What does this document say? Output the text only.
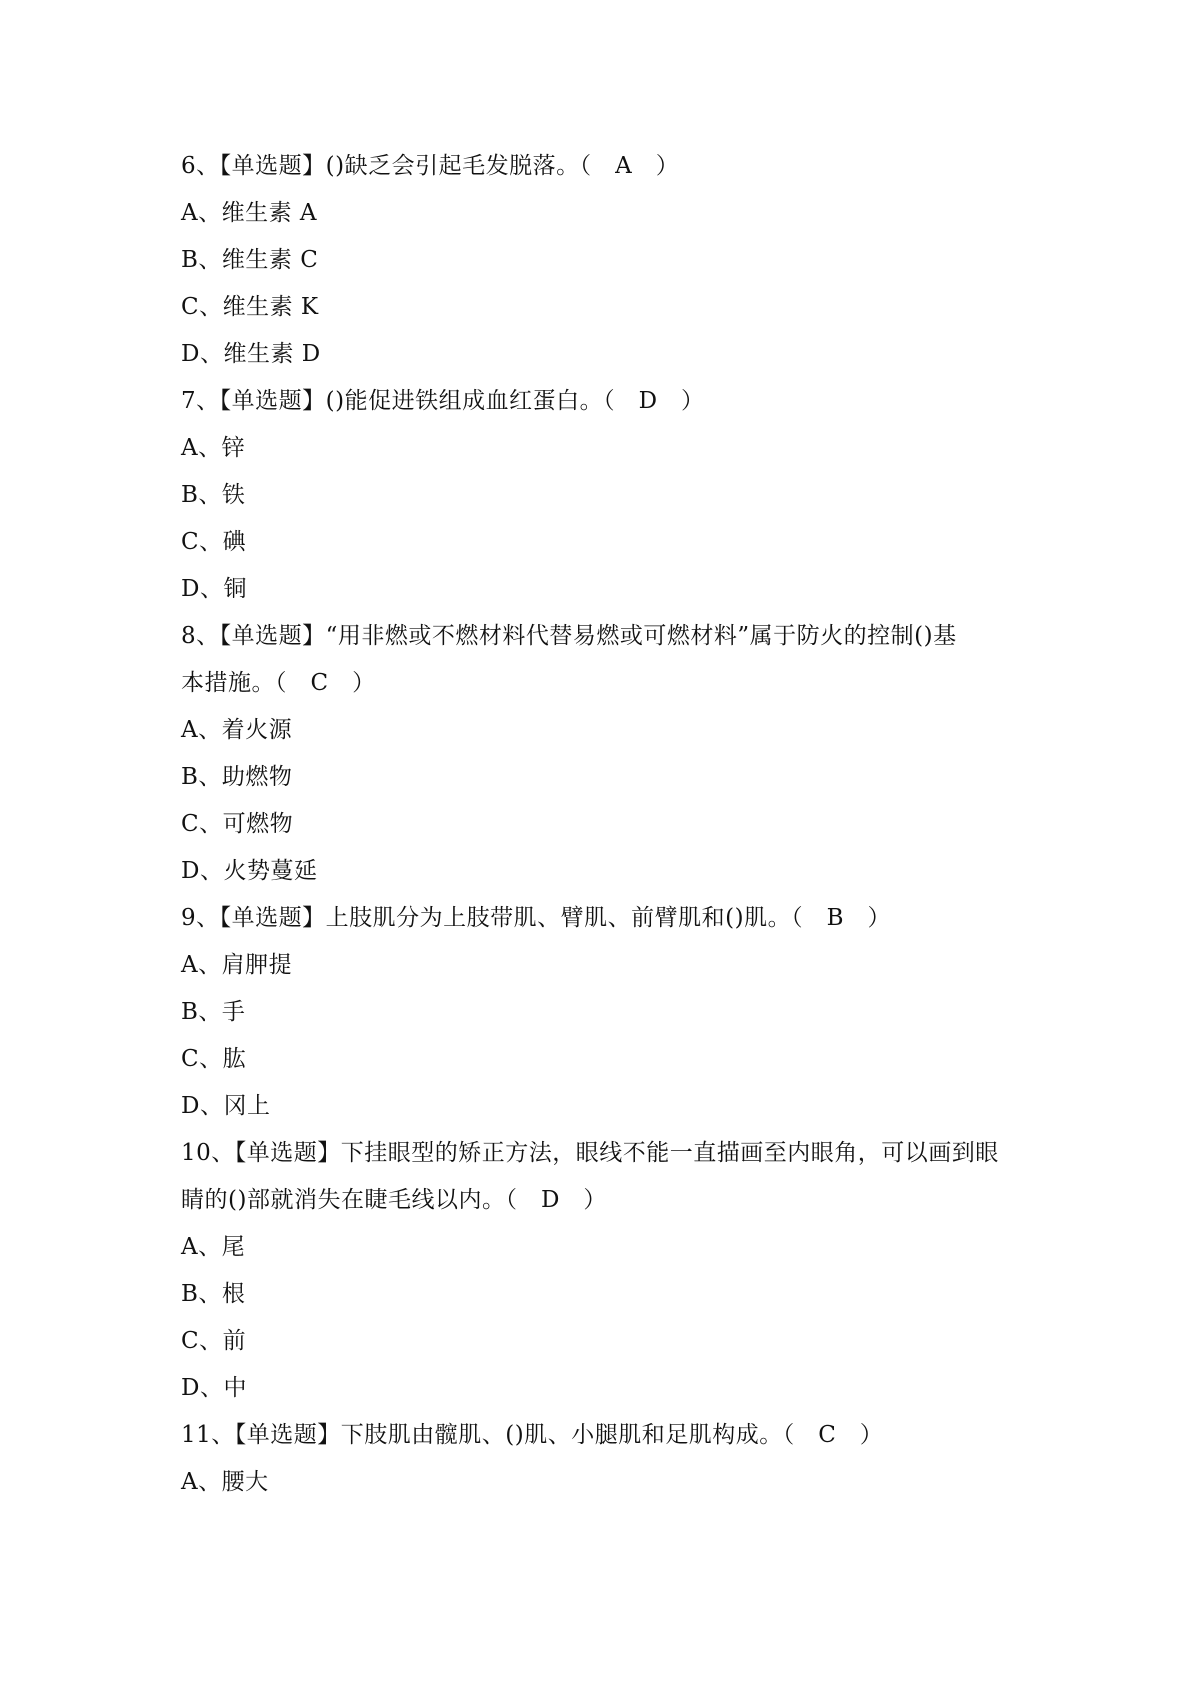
6、【单选题】()缺乏会引起毛发脱落。（　A　）
A、维生素 A
B、维生素 C
C、维生素 K
D、维生素 D
7、【单选题】()能促进铁组成血红蛋白。（　D　）
A、锌
B、铁
C、碘
D、铜
8、【单选题】“用非燃或不燃材料代替易燃或可燃材料”属于防火的控制()基
本措施。（　C　）
A、着火源
B、助燃物
C、可燃物
D、火势蔓延
9、【单选题】上肢肌分为上肢带肌、臂肌、前臂肌和()肌。（　B　）
A、肩胛提
B、手
C、肱
D、冈上
10、【单选题】下挂眼型的矫正方法，眼线不能一直描画至内眼角，可以画到眼
睛的()部就消失在睫毛线以内。（　D　）
A、尾
B、根
C、前
D、中
11、【单选题】下肢肌由髋肌、()肌、小腿肌和足肌构成。（　C　）
A、腰大
